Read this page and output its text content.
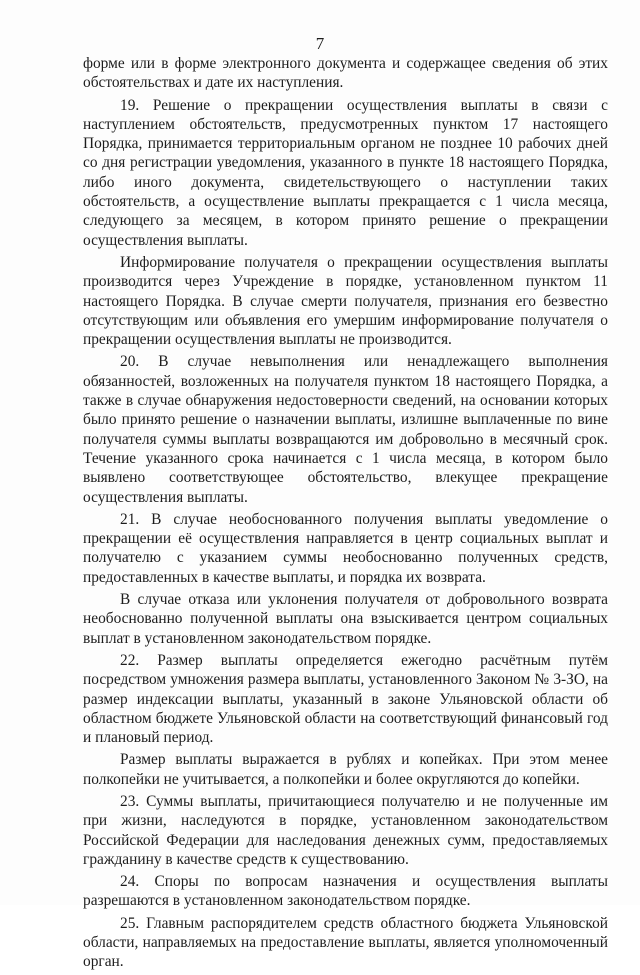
7

форме или в форме электронного документа и содержащее сведения об этих обстоятельствах и дате их наступления.

19. Решение о прекращении осуществления выплаты в связи с наступлением обстоятельств, предусмотренных пунктом 17 настоящего Порядка, принимается территориальным органом не позднее 10 рабочих дней со дня регистрации уведомления, указанного в пункте 18 настоящего Порядка, либо иного документа, свидетельствующего о наступлении таких обстоятельств, а осуществление выплаты прекращается с 1 числа месяца, следующего за месяцем, в котором принято решение о прекращении осуществления выплаты.

Информирование получателя о прекращении осуществления выплаты производится через Учреждение в порядке, установленном пунктом 11 настоящего Порядка. В случае смерти получателя, признания его безвестно отсутствующим или объявления его умершим информирование получателя о прекращении осуществления выплаты не производится.

20. В случае невыполнения или ненадлежащего выполнения обязанностей, возложенных на получателя пунктом 18 настоящего Порядка, а также в случае обнаружения недостоверности сведений, на основании которых было принято решение о назначении выплаты, излишне выплаченные по вине получателя суммы выплаты возвращаются им добровольно в месячный срок. Течение указанного срока начинается с 1 числа месяца, в котором было выявлено соответствующее обстоятельство, влекущее прекращение осуществления выплаты.

21. В случае необоснованного получения выплаты уведомление о прекращении её осуществления направляется в центр социальных выплат и получателю с указанием суммы необоснованно полученных средств, предоставленных в качестве выплаты, и порядка их возврата.

В случае отказа или уклонения получателя от добровольного возврата необоснованно полученной выплаты она взыскивается центром социальных выплат в установленном законодательством порядке.

22. Размер выплаты определяется ежегодно расчётным путём посредством умножения размера выплаты, установленного Законом № 3-ЗО, на размер индексации выплаты, указанный в законе Ульяновской области об областном бюджете Ульяновской области на соответствующий финансовый год и плановый период.

Размер выплаты выражается в рублях и копейках. При этом менее полкопейки не учитывается, а полкопейки и более округляются до копейки.

23. Суммы выплаты, причитающиеся получателю и не полученные им при жизни, наследуются в порядке, установленном законодательством Российской Федерации для наследования денежных сумм, предоставляемых гражданину в качестве средств к существованию.

24. Споры по вопросам назначения и осуществления выплаты разрешаются в установленном законодательством порядке.

25. Главным распорядителем средств областного бюджета Ульяновской области, направляемых на предоставление выплаты, является уполномоченный орган.
